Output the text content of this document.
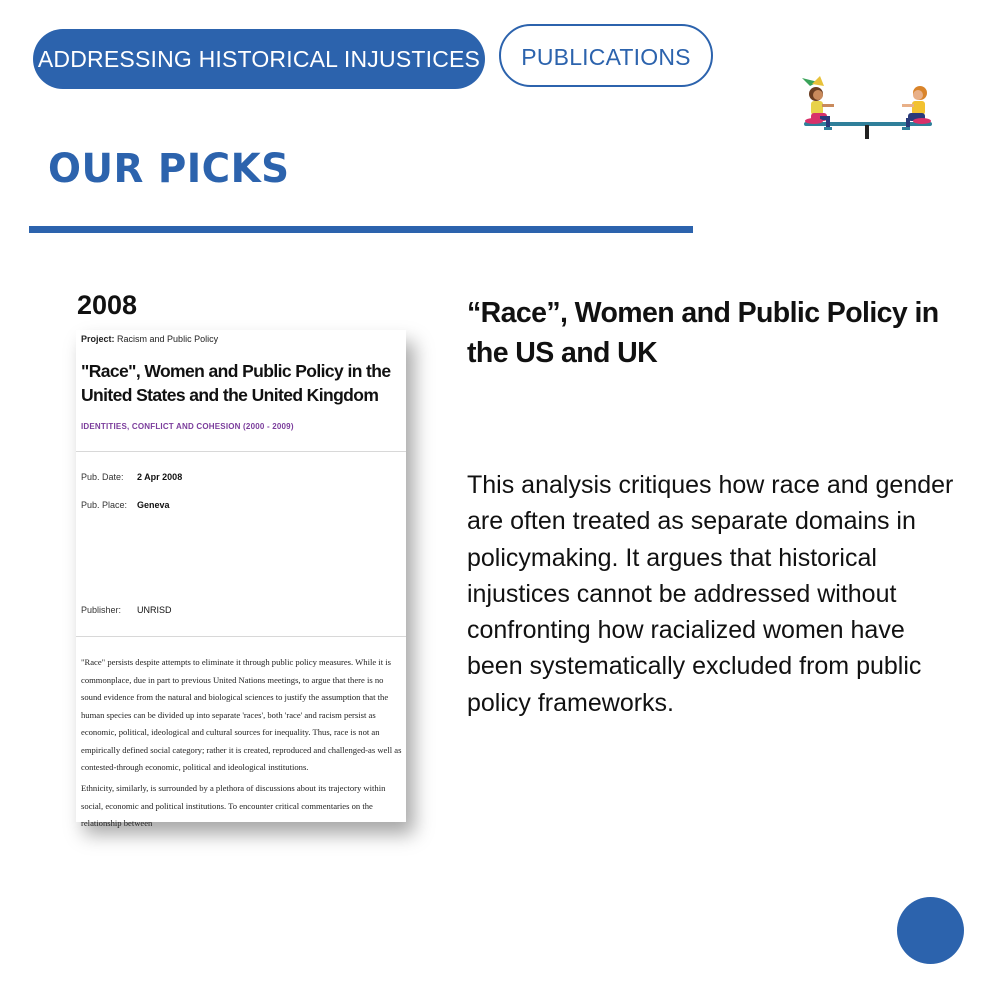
ADDRESSING HISTORICAL INJUSTICES	PUBLICATIONS
OUR PICKS
2008
Project: Racism and Public Policy
"Race", Women and Public Policy in the United States and the United Kingdom
IDENTITIES, CONFLICT AND COHESION (2000 - 2009)
Pub. Date: 2 Apr 2008
Pub. Place: Geneva
Publisher: UNRISD
"Race" persists despite attempts to eliminate it through public policy measures. While it is commonplace, due in part to previous United Nations meetings, to argue that there is no sound evidence from the natural and biological sciences to justify the assumption that the human species can be divided up into separate 'races', both 'race' and racism persist as economic, political, ideological and cultural sources for inequality. Thus, race is not an empirically defined social category; rather it is created, reproduced and challenged-as well as contested-through economic, political and ideological institutions.
Ethnicity, similarly, is surrounded by a plethora of discussions about its trajectory within social, economic and political institutions. To encounter critical commentaries on the relationship between
“Race”, Women and Public Policy in the US and UK

This analysis critiques how race and gender are often treated as separate domains in policymaking. It argues that historical injustices cannot be addressed without confronting how racialized women have been systematically excluded from public policy frameworks.
